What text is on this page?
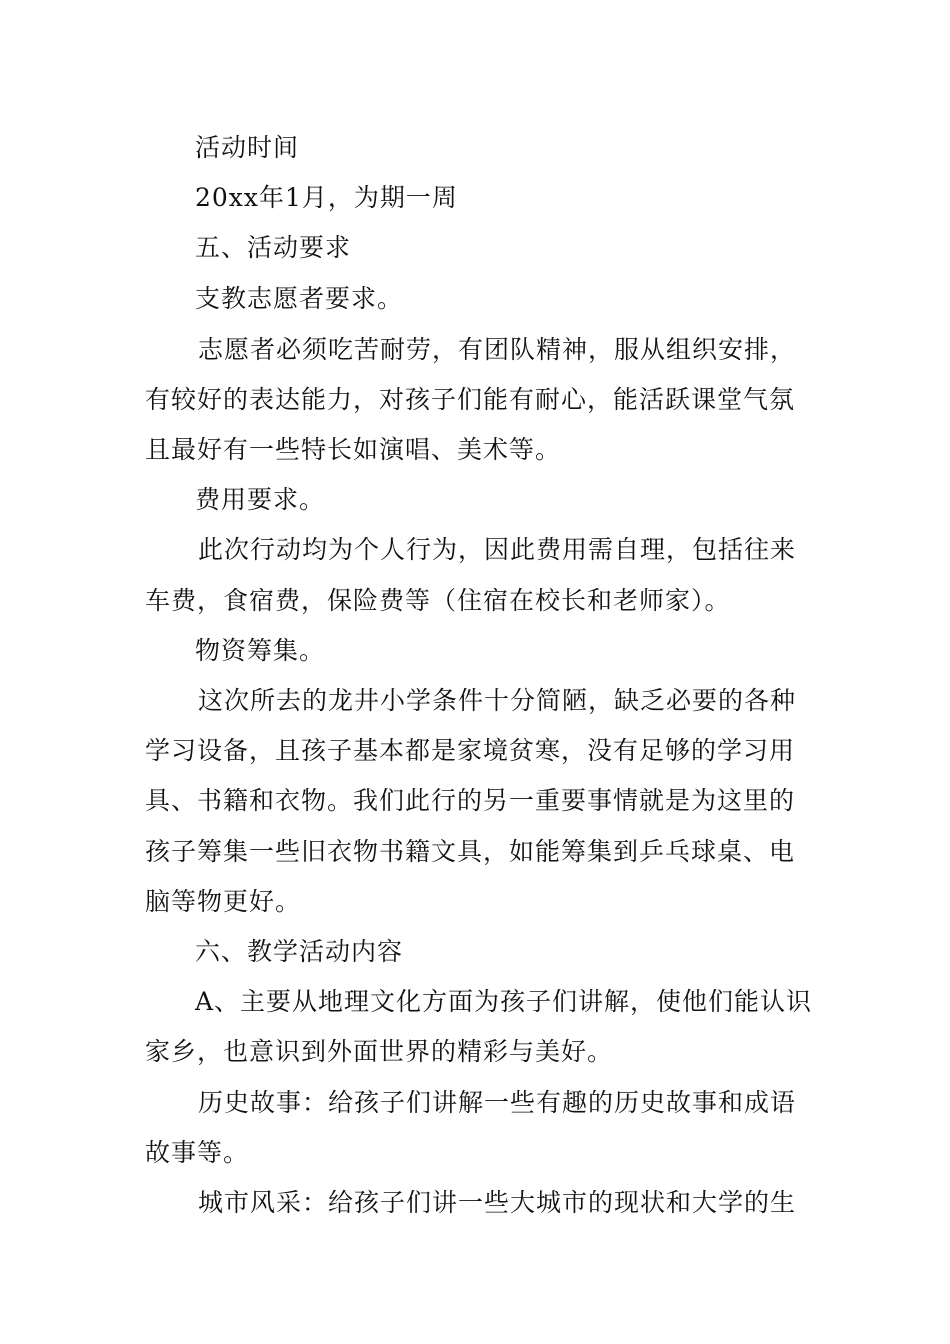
活动时间
20xx年1月，为期一周
五、活动要求
支教志愿者要求。
志愿者必须吃苦耐劳，有团队精神，服从组织安排，
有较好的表达能力，对孩子们能有耐心，能活跃课堂气氛
且最好有一些特长如演唱、美术等。
费用要求。
此次行动均为个人行为，因此费用需自理，包括往来
车费，食宿费，保险费等（住宿在校长和老师家）。
物资筹集。
这次所去的龙井小学条件十分简陋，缺乏必要的各种
学习设备，且孩子基本都是家境贫寒，没有足够的学习用
具、书籍和衣物。我们此行的另一重要事情就是为这里的
孩子筹集一些旧衣物书籍文具，如能筹集到乒乓球桌、电
脑等物更好。
六、教学活动内容
A、主要从地理文化方面为孩子们讲解，使他们能认识
家乡，也意识到外面世界的精彩与美好。
历史故事：给孩子们讲解一些有趣的历史故事和成语
故事等。
城市风采：给孩子们讲一些大城市的现状和大学的生
